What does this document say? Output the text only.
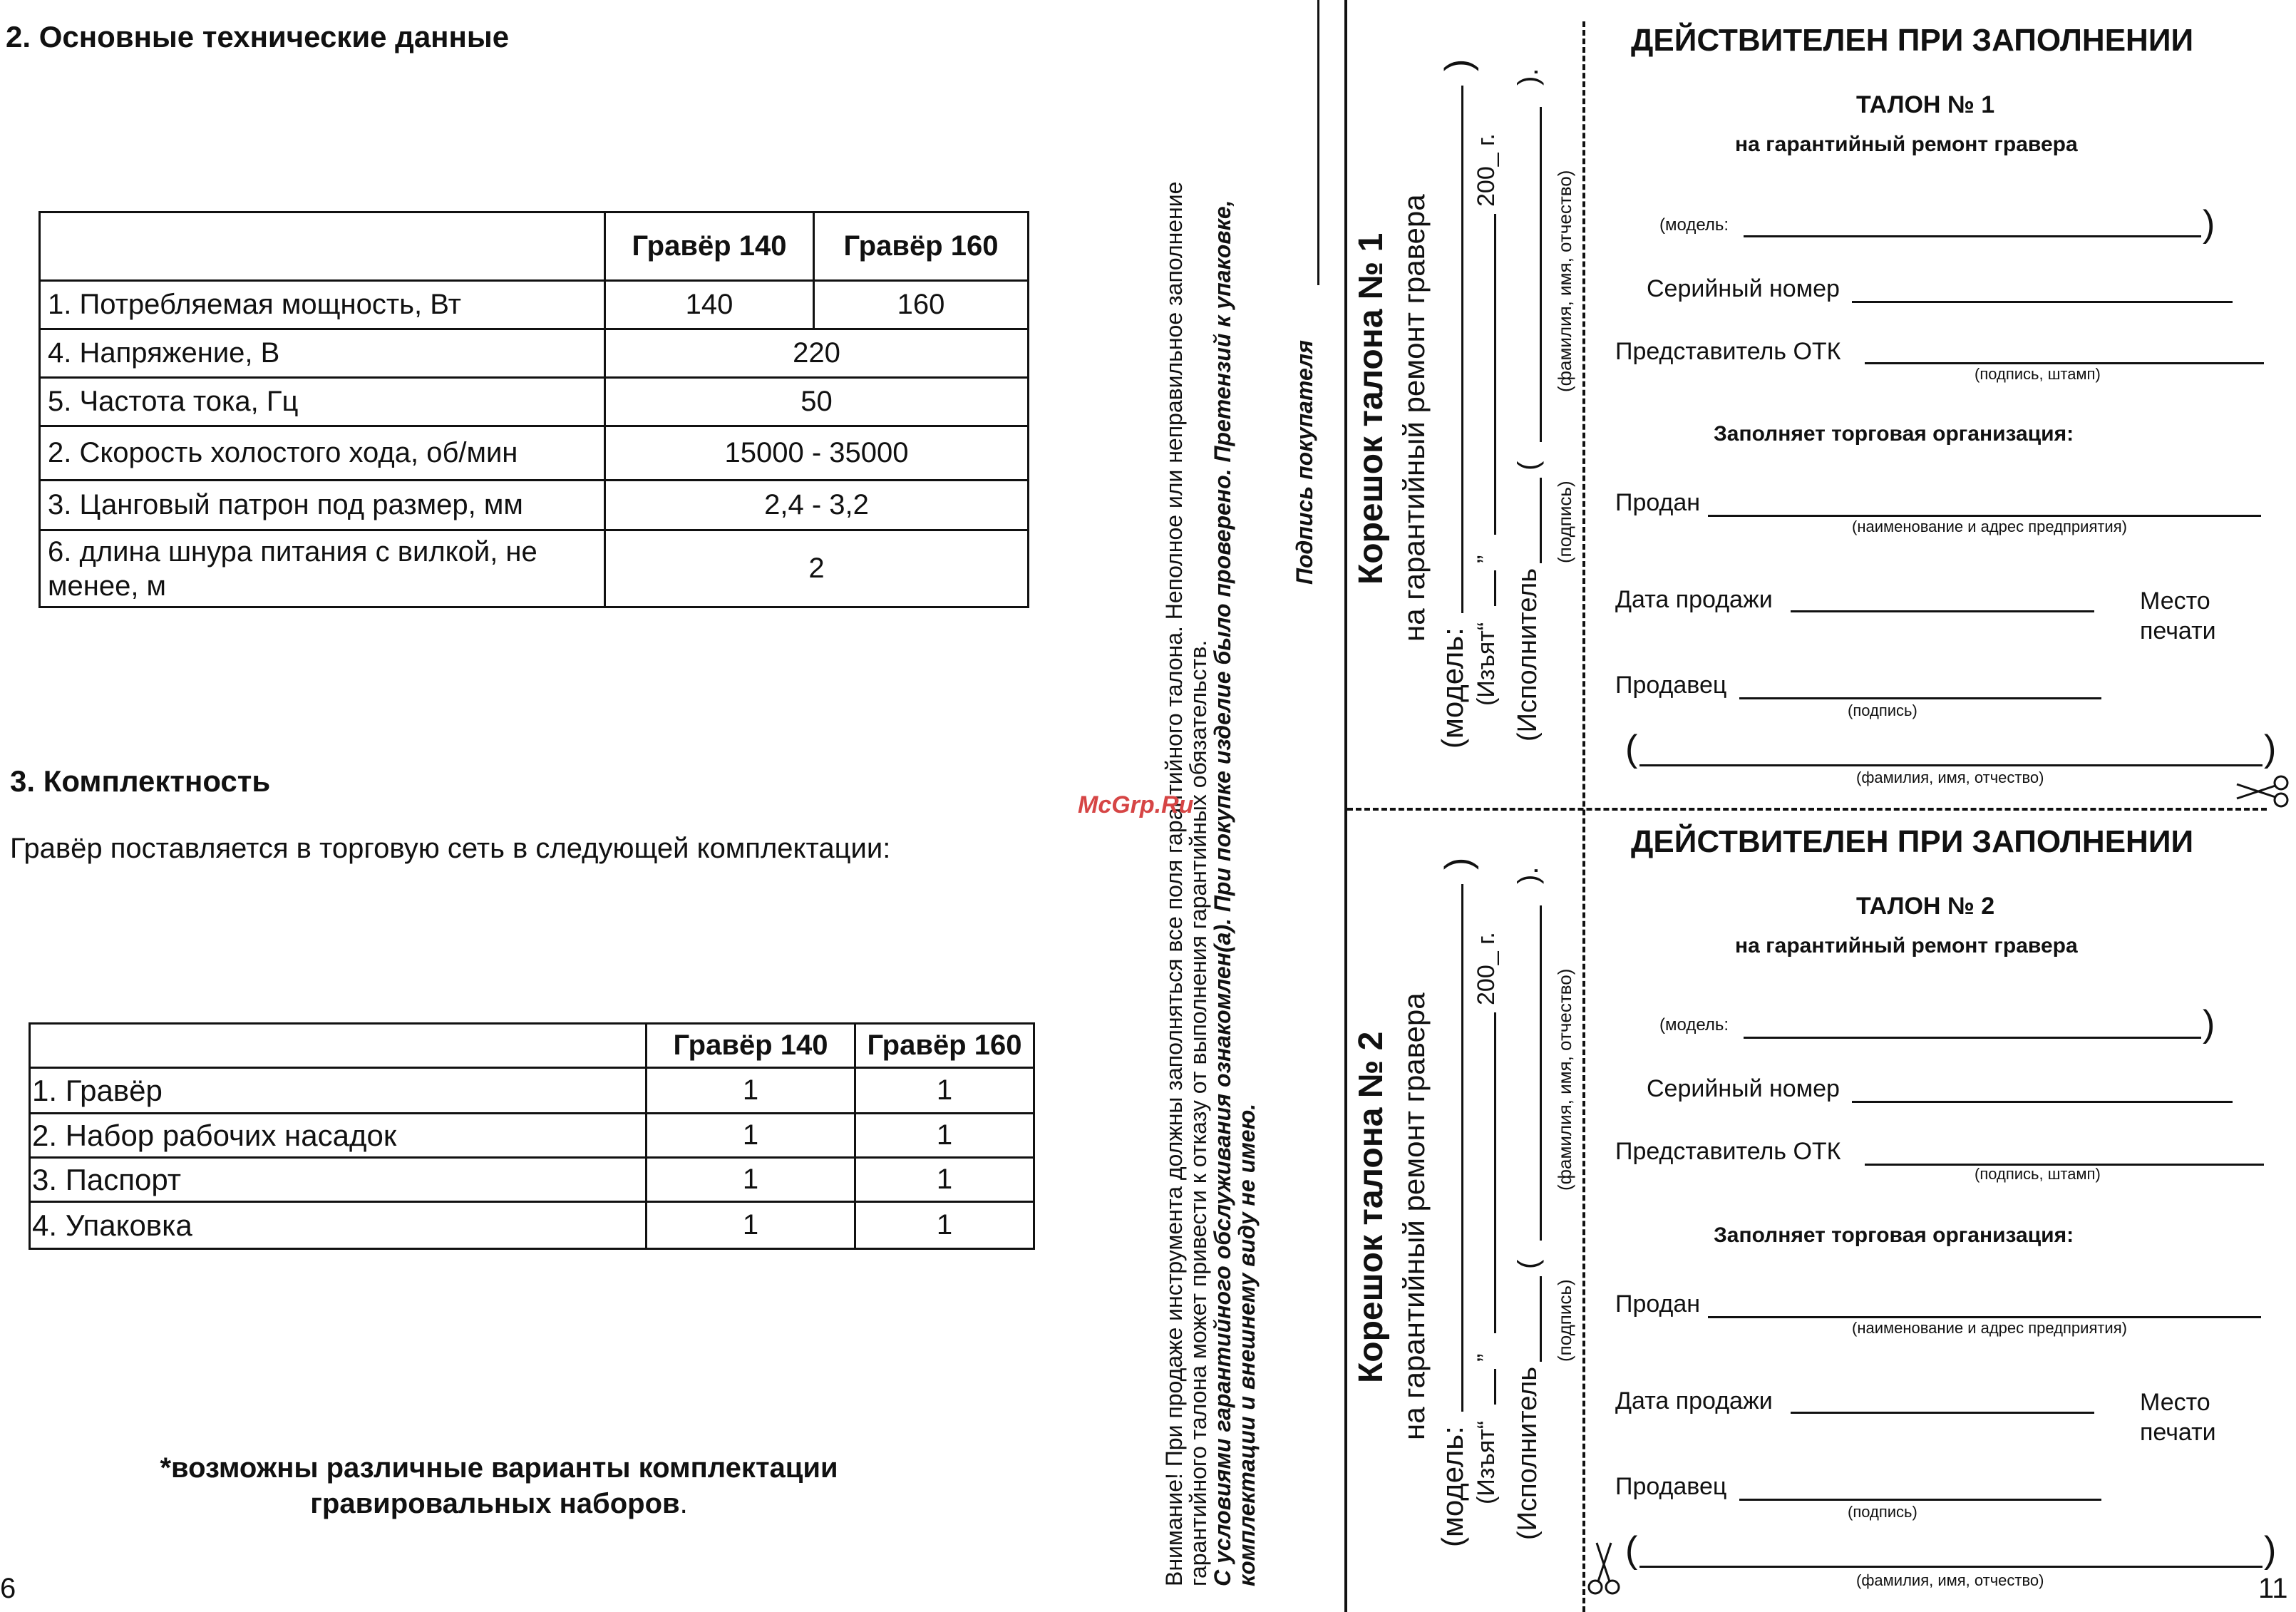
2. Основные технические данные
	Гравёр 140	Гравёр 160
1. Потребляемая мощность, Вт	140	160
4. Напряжение, В	220	
5. Частота тока, Гц	50	
2. Скорость холостого хода, об/мин	15000 - 35000	
3. Цанговый патрон под размер, мм	2,4 - 3,2	
6. длина шнура питания с вилкой, не менее, м	2	
3. Комплектность
Гравёр поставляется в торговую сеть в следующей комплектации:
	Гравёр 140	Гравёр 160
1. Гравёр	1	1
2. Набор рабочих насадок	1	1
3. Паспорт	1	1
4. Упаковка	1	1
*возможны различные варианты комплектации
гравировальных наборов.
6
Внимание! При продаже инструмента должны заполняться все поля гарантийного талона. Неполное или неправильное заполнение
гарантийного талона может привести к отказу от выполнения гарантийных обязательств.
С условиями гарантийного обслуживания ознакомлен(а). При покупке изделие было проверено. Претензий к упаковке,
комплектации и внешнему виду не имею.
Подпись покупателя
McGrp.Ru
Корешок талона № 1 на гарантийный ремонт гравера
(модель:
)
(Изъят“
”
200_ г.
(Исполнитель
(
).
(подпись)
(фамилия, имя, отчество)
Корешок талона № 2 на гарантийный ремонт гравера
(модель:
)
(Изъят“
”
200_ г.
(Исполнитель
(
).
(подпись)
(фамилия, имя, отчество)
ДЕЙСТВИТЕЛЕН ПРИ ЗАПОЛНЕНИИ
ТАЛОН № 1
на гарантийный ремонт гравера
(модель:	)
Серийный номер
Представитель ОТК
(подпись, штамп)
Заполняет торговая организация:
Продан
(наименование и адрес предприятия)
Дата продажи	Место
печати
Продавец
(подпись)
(	)
(фамилия, имя, отчество)
ДЕЙСТВИТЕЛЕН ПРИ ЗАПОЛНЕНИИ
ТАЛОН № 2
на гарантийный ремонт гравера
(модель:	)
Серийный номер
Представитель ОТК
(подпись, штамп)
Заполняет торговая организация:
Продан
(наименование и адрес предприятия)
Дата продажи	Место
печати
Продавец
(подпись)
(	)
(фамилия, имя, отчество)	11
